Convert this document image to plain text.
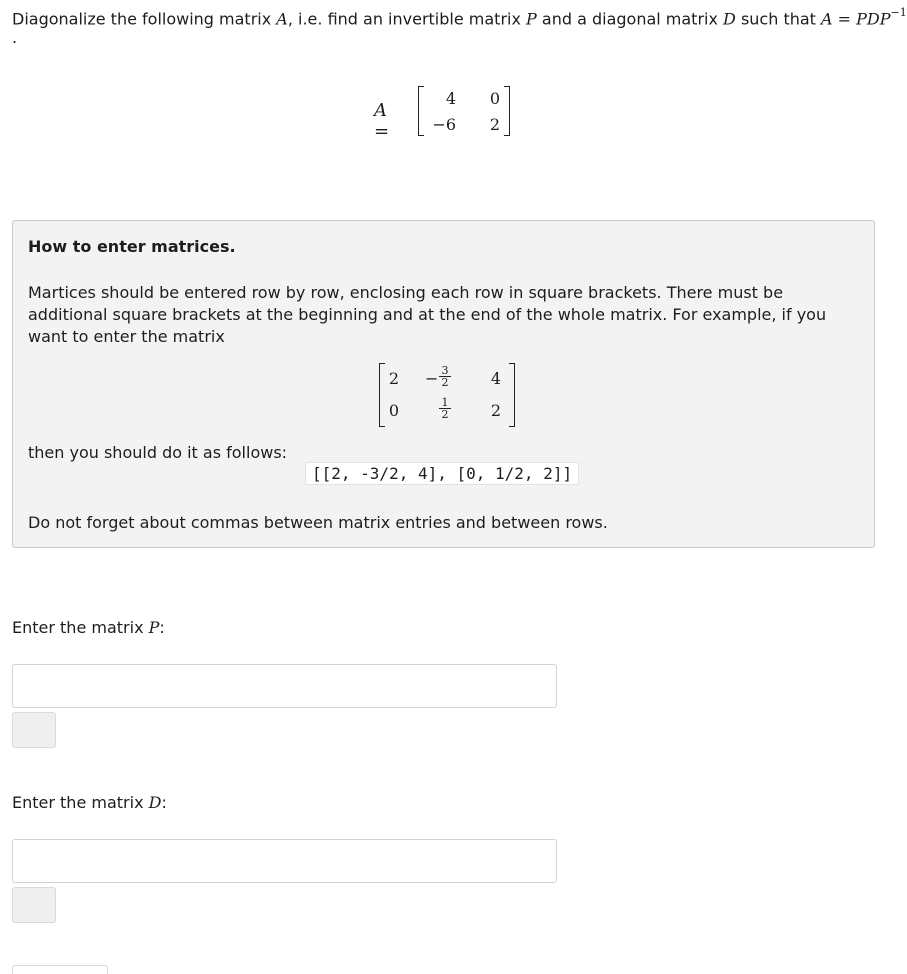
Diagonalize the following matrix A, i.e. find an invertible matrix P and a diagonal matrix D such that $A = PDP^{-1}$
.
A =
4	0
−6	2
How to enter matrices.
Martices should be entered row by row, enclosing each row in square brackets. There must be additional square brackets at the beginning and at the end of the whole matrix. For example, if you want to enter the matrix
2	− $\frac{3}{2}$	4
0	$\frac{1}{2}$	2
then you should do it as follows:
[[2, -3/2, 4], [0, 1/2, 2]]
Do not forget about commas between matrix entries and between rows.
Enter the matrix P:
Enter the matrix D:
